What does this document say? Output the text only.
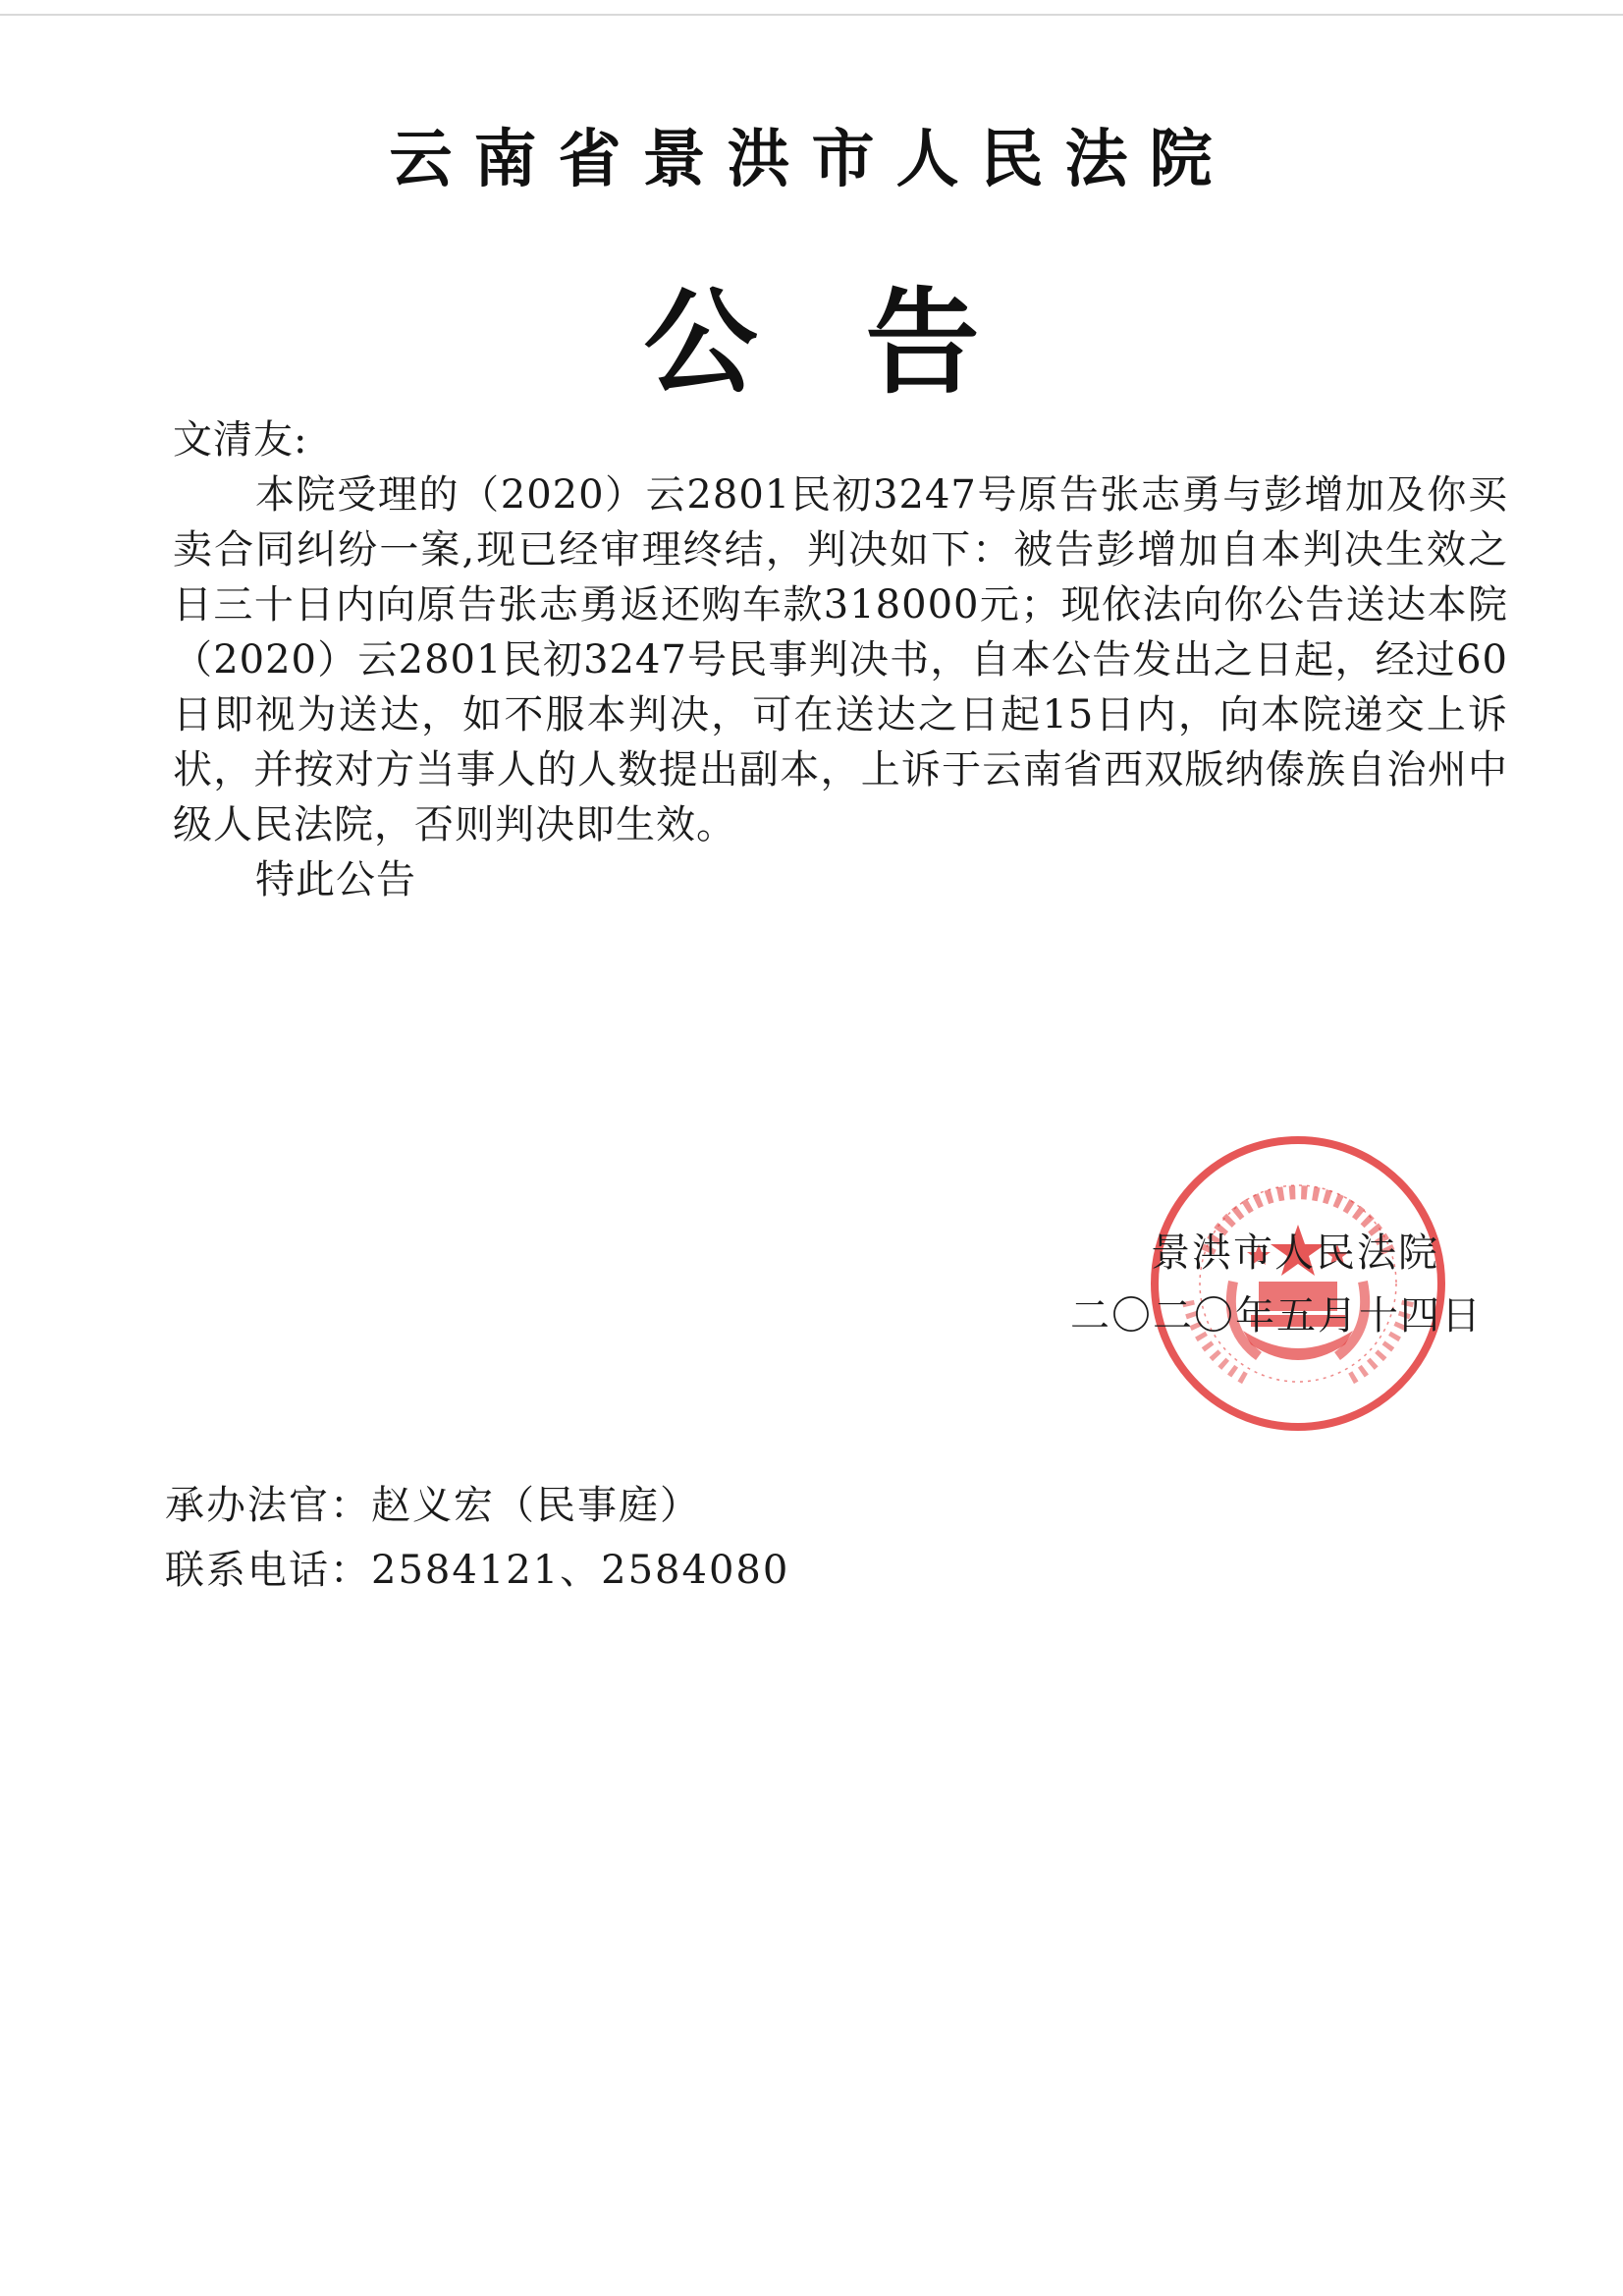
云南省景洪市人民法院
公告

文清友:

本院受理的（2020）云2801民初3247号原告张志勇与彭增加及你买卖合同纠纷一案,现已经审理终结，判决如下：被告彭增加自本判决生效之日三十日内向原告张志勇返还购车款318000元；现依法向你公告送达本院（2020）云2801民初3247号民事判决书，自本公告发出之日起，经过60日即视为送达，如不服本判决，可在送达之日起15日内，向本院递交上诉状，并按对方当事人的人数提出副本，上诉于云南省西双版纳傣族自治州中级人民法院，否则判决即生效。

特此公告

景洪市人民法院
二〇二〇年五月十四日

承办法官：赵义宏（民事庭）

联系电话：2584121、2584080
